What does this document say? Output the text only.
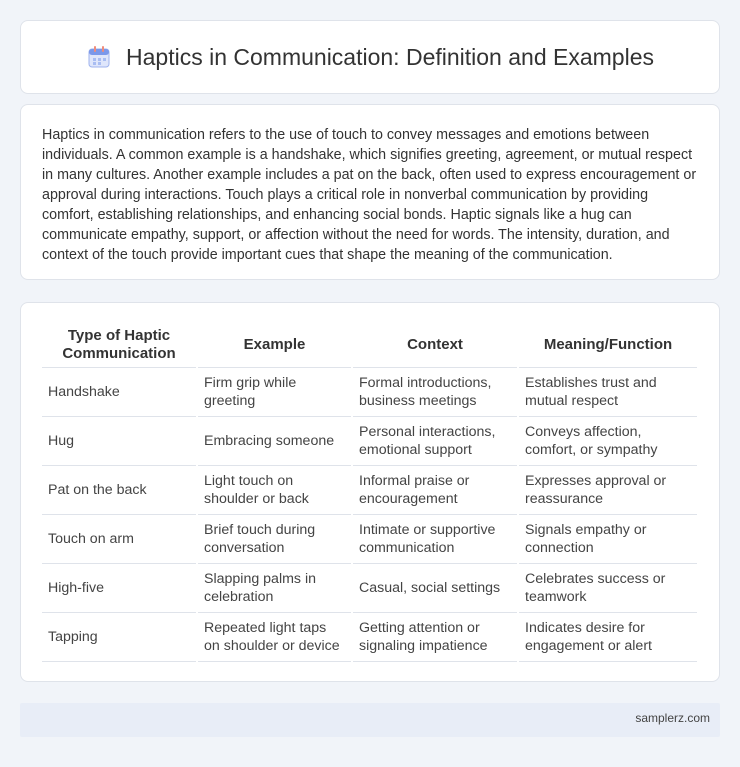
Haptics in Communication: Definition and Examples

Haptics in communication refers to the use of touch to convey messages and emotions between individuals. A common example is a handshake, which signifies greeting, agreement, or mutual respect in many cultures. Another example includes a pat on the back, often used to express encouragement or approval during interactions. Touch plays a critical role in nonverbal communication by providing comfort, establishing relationships, and enhancing social bonds. Haptic signals like a hug can communicate empathy, support, or affection without the need for words. The intensity, duration, and context of the touch provide important cues that shape the meaning of the communication.

Type of Haptic Communication	Example	Context	Meaning/Function
Handshake	Firm grip while greeting	Formal introductions, business meetings	Establishes trust and mutual respect
Hug	Embracing someone	Personal interactions, emotional support	Conveys affection, comfort, or sympathy
Pat on the back	Light touch on shoulder or back	Informal praise or encouragement	Expresses approval or reassurance
Touch on arm	Brief touch during conversation	Intimate or supportive communication	Signals empathy or connection
High-five	Slapping palms in celebration	Casual, social settings	Celebrates success or teamwork
Tapping	Repeated light taps on shoulder or device	Getting attention or signaling impatience	Indicates desire for engagement or alert
samplerz.com
